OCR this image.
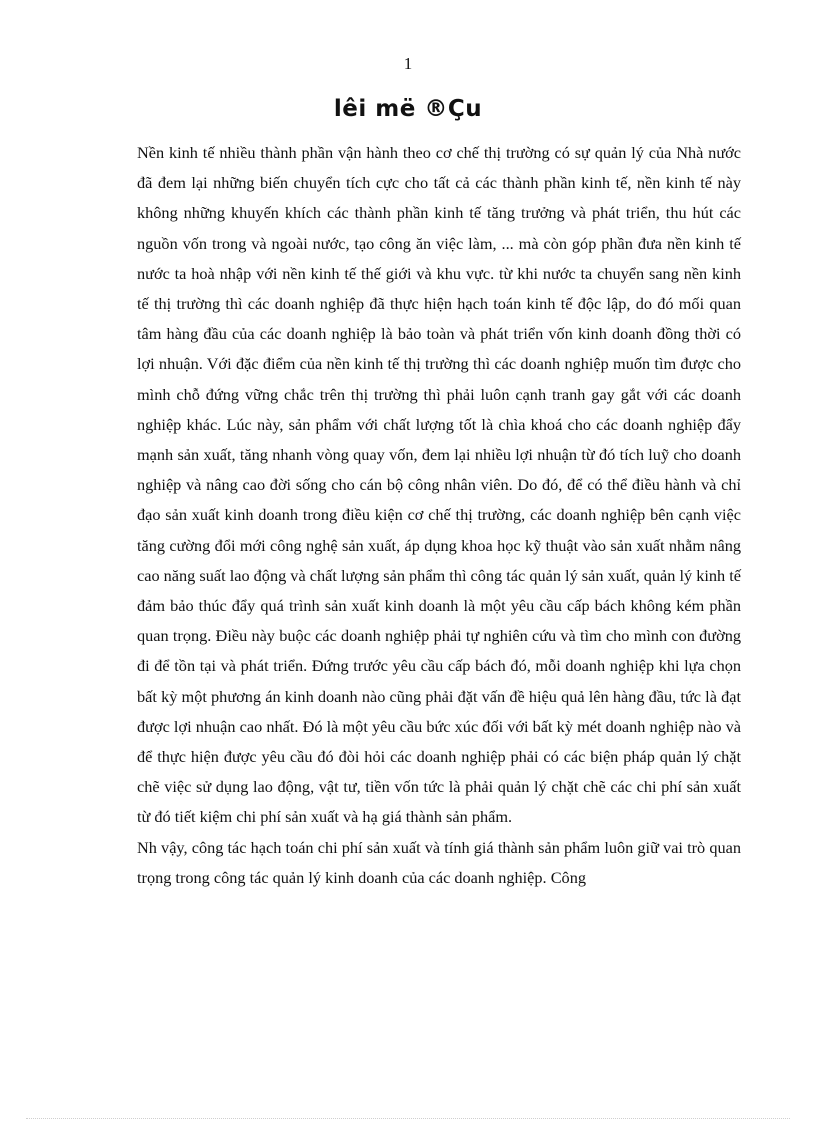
1
lêi më ®Çu

Nền kinh tế nhiều thành phần vận hành theo cơ chế thị trường có sự quản lý của Nhà nước đã đem lại những biến chuyển tích cực cho tất cả các thành phần kinh tế, nền kinh tế này không những khuyến khích các thành phần kinh tế tăng trưởng và phát triển, thu hút các nguồn vốn trong và ngoài nước, tạo công ăn việc làm, ... mà còn góp phần đưa nền kinh tế nước ta hoà nhập với nền kinh tế thế giới và khu vực. từ khi nước ta chuyển sang nền kinh tế thị trường thì các doanh nghiệp đã thực hiện hạch toán kinh tế độc lập, do đó mối quan tâm hàng đầu của các doanh nghiệp là bảo toàn và phát triển vốn kinh doanh đồng thời có lợi nhuận. Với đặc điểm của nền kinh tế thị trường thì các doanh nghiệp muốn tìm được cho mình chỗ đứng vững chắc trên thị trường thì phải luôn cạnh tranh gay gắt với các doanh nghiệp khác. Lúc này, sản phẩm với chất lượng tốt là chìa khoá cho các doanh nghiệp đẩy mạnh sản xuất, tăng nhanh vòng quay vốn, đem lại nhiều lợi nhuận từ đó tích luỹ cho doanh nghiệp và nâng cao đời sống cho cán bộ công nhân viên. Do đó, để có thể điều hành và chỉ đạo sản xuất kinh doanh trong điều kiện cơ chế thị trường, các doanh nghiệp bên cạnh việc tăng cường đổi mới công nghệ sản xuất, áp dụng khoa học kỹ thuật vào sản xuất nhằm nâng cao năng suất lao động và chất lượng sản phẩm thì công tác quản lý sản xuất, quản lý kinh tế đảm bảo thúc đẩy quá trình sản xuất kinh doanh là một yêu cầu cấp bách không kém phần quan trọng. Điều này buộc các doanh nghiệp phải tự nghiên cứu và tìm cho mình con đường đi để tồn tại và phát triển. Đứng trước yêu cầu cấp bách đó, mỗi doanh nghiệp khi lựa chọn bất kỳ một phương án kinh doanh nào cũng phải đặt vấn đề hiệu quả lên hàng đầu, tức là đạt được lợi nhuận cao nhất. Đó là một yêu cầu bức xúc đối với bất kỳ mét doanh nghiệp nào và để thực hiện được yêu cầu đó đòi hỏi các doanh nghiệp phải có các biện pháp quản lý chặt chẽ việc sử dụng lao động, vật tư, tiền vốn tức là phải quản lý chặt chẽ các chi phí sản xuất từ đó tiết kiệm chi phí sản xuất và hạ giá thành sản phẩm.

Nh vậy, công tác hạch toán chi phí sản xuất và tính giá thành sản phẩm luôn giữ vai trò quan trọng trong công tác quản lý kinh doanh của các doanh nghiệp. Công
